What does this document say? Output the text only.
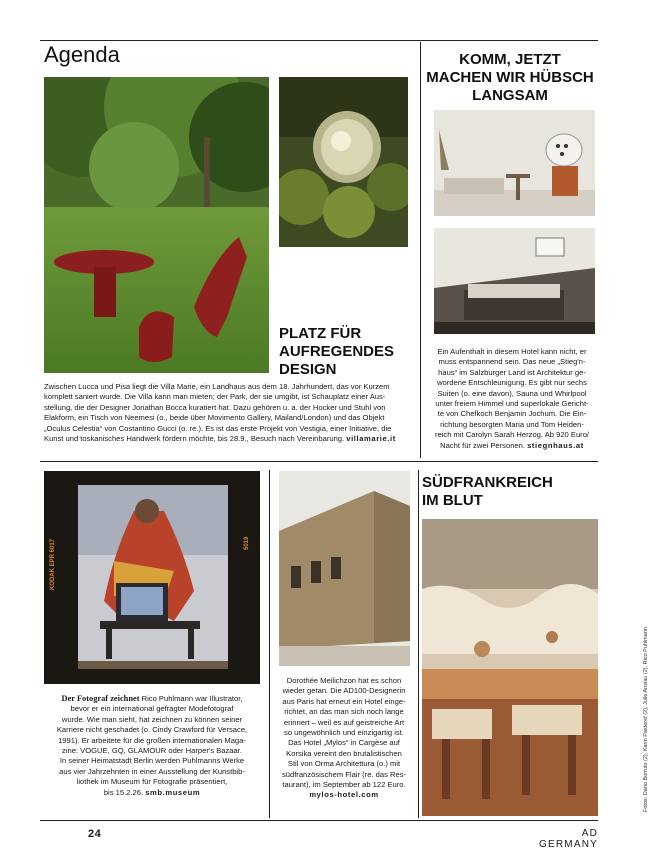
Agenda
PLATZ FÜR
AUFREGENDES
DESIGN
Zwischen Lucca und Pisa liegt die Villa Marie, ein Landhaus aus dem 18. Jahrhundert, das vor Kurzem
komplett saniert wurde. Die Villa kann man mieten; der Park, der sie umgibt, ist Schauplatz einer Aus-
stellung, die der Designer Jonathan Bocca kuratiert hat. Dazu gehören u. a. der Hocker und Stuhl von
Elakform, ein Tisch von Neemesi (o., beide über Movimento Gallery, Mailand/London) und das Objekt
„Oculus Celestia“ von Costantino Gucci (o. re.). Es ist das erste Projekt von Vestigia, einer Initiative, die
Kunst und toskanisches Handwerk fördern möchte, bis 28.9., Besuch nach Vereinbarung. villamarie.it
KOMM, JETZT
MACHEN WIR HÜBSCH
LANGSAM
Ein Aufenthalt in diesem Hotel kann nicht, er
muss entspannend sein. Das neue „Stieg'n-
haus“ im Salzburger Land ist Architektur ge-
wordene Entschleunigung. Es gibt nur sechs
Suiten (o. eine davon), Sauna und Whirlpool
unter freiem Himmel und superlokale Gericht-
te von Chefkoch Benjamin Jochum. Die Ein-
richtung besorgten Maria und Tom Heiden-
reich mit Carolyn Sarah Herzog. Ab 920 Euro/
Nacht für zwei Personen. stiegnhaus.at
KODAK EPR 6017	5019
Der Fotograf zeichnet Rico Puhlmann war Illustrator,
bevor er ein international gefragter Modefotograf
wurde. Wie man sieht, hat zeichnen zu können seiner
Karriere nicht geschadet (o. Cindy Crawford für Versace,
1991). Er arbeitete für die großen internationalen Maga-
zine: VOGUE, GQ, GLAMOUR oder Harper's Bazaar.
In seiner Heimatstadt Berlin werden Puhlmanns Werke
aus vier Jahrzehnten in einer Ausstellung der Kunstbib-
liothek im Museum für Fotografie präsentiert,
bis 15.2.26. smb.museum
Dorothée Meilichzon hat es schon
wieder getan. Die AD100-Designerin
aus Paris hat erneut ein Hotel einge-
richtet, an das man sich noch lange
erinnert – weil es auf geistreiche Art
so ungewöhnlich und einzigartig ist.
Das Hotel „Mylos“ in Cargèse auf
Korsika vereint den brutalistischen
Stil von Orma Architettura (o.) mit
südfranzösischem Flair (re. das Res-
taurant), im September ab 122 Euro.
mylos-hotel.com
SÜDFRANKREICH
IM BLUT
Fotos: Dario Borruto (2), Karin Pasteref (2), Julie Ansiau (2), Rico Puhlmann
24	AD GERMANY
